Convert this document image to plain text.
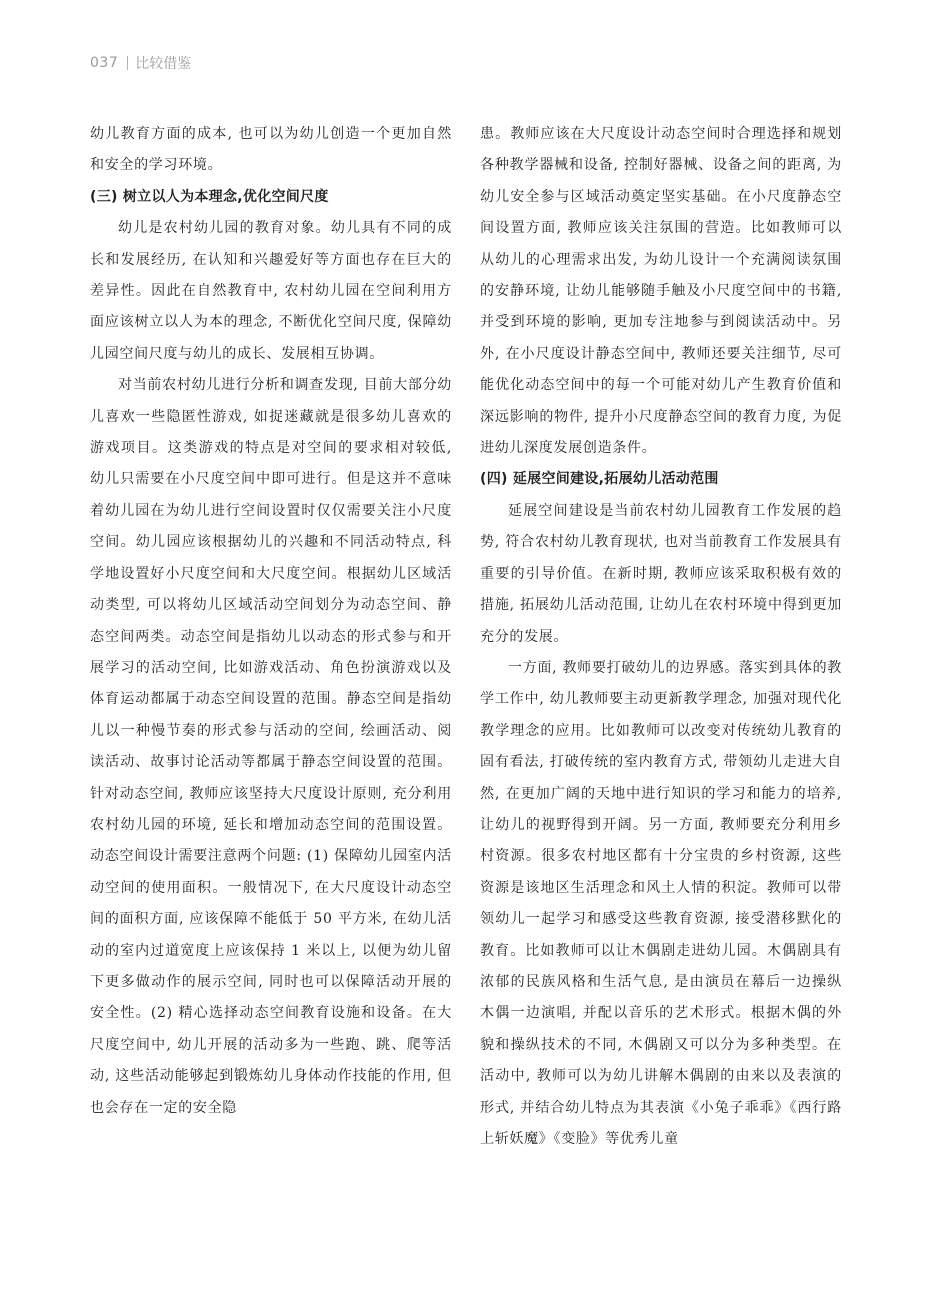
037 比较借鉴

幼儿教育方面的成本, 也可以为幼儿创造一个更加自然和安全的学习环境。

(三) 树立以人为本理念,优化空间尺度

幼儿是农村幼儿园的教育对象。幼儿具有不同的成长和发展经历, 在认知和兴趣爱好等方面也存在巨大的差异性。因此在自然教育中, 农村幼儿园在空间利用方面应该树立以人为本的理念, 不断优化空间尺度, 保障幼儿园空间尺度与幼儿的成长、发展相互协调。

对当前农村幼儿进行分析和调查发现, 目前大部分幼儿喜欢一些隐匿性游戏, 如捉迷藏就是很多幼儿喜欢的游戏项目。这类游戏的特点是对空间的要求相对较低, 幼儿只需要在小尺度空间中即可进行。但是这并不意味着幼儿园在为幼儿进行空间设置时仅仅需要关注小尺度空间。幼儿园应该根据幼儿的兴趣和不同活动特点, 科学地设置好小尺度空间和大尺度空间。根据幼儿区域活动类型, 可以将幼儿区域活动空间划分为动态空间、静态空间两类。动态空间是指幼儿以动态的形式参与和开展学习的活动空间, 比如游戏活动、角色扮演游戏以及体育运动都属于动态空间设置的范围。静态空间是指幼儿以一种慢节奏的形式参与活动的空间, 绘画活动、阅读活动、故事讨论活动等都属于静态空间设置的范围。针对动态空间, 教师应该坚持大尺度设计原则, 充分利用农村幼儿园的环境, 延长和增加动态空间的范围设置。动态空间设计需要注意两个问题: (1) 保障幼儿园室内活动空间的使用面积。一般情况下, 在大尺度设计动态空间的面积方面, 应该保障不能低于 50 平方米, 在幼儿活动的室内过道宽度上应该保持 1 米以上, 以便为幼儿留下更多做动作的展示空间, 同时也可以保障活动开展的安全性。(2) 精心选择动态空间教育设施和设备。在大尺度空间中, 幼儿开展的活动多为一些跑、跳、爬等活动, 这些活动能够起到锻炼幼儿身体动作技能的作用, 但也会存在一定的安全隐

患。教师应该在大尺度设计动态空间时合理选择和规划各种教学器械和设备, 控制好器械、设备之间的距离, 为幼儿安全参与区域活动奠定坚实基础。在小尺度静态空间设置方面, 教师应该关注氛围的营造。比如教师可以从幼儿的心理需求出发, 为幼儿设计一个充满阅读氛围的安静环境, 让幼儿能够随手触及小尺度空间中的书籍, 并受到环境的影响, 更加专注地参与到阅读活动中。另外, 在小尺度设计静态空间中, 教师还要关注细节, 尽可能优化动态空间中的每一个可能对幼儿产生教育价值和深远影响的物件, 提升小尺度静态空间的教育力度, 为促进幼儿深度发展创造条件。

(四) 延展空间建设,拓展幼儿活动范围

延展空间建设是当前农村幼儿园教育工作发展的趋势, 符合农村幼儿教育现状, 也对当前教育工作发展具有重要的引导价值。在新时期, 教师应该采取积极有效的措施, 拓展幼儿活动范围, 让幼儿在农村环境中得到更加充分的发展。

一方面, 教师要打破幼儿的边界感。落实到具体的教学工作中, 幼儿教师要主动更新教学理念, 加强对现代化教学理念的应用。比如教师可以改变对传统幼儿教育的固有看法, 打破传统的室内教育方式, 带领幼儿走进大自然, 在更加广阔的天地中进行知识的学习和能力的培养, 让幼儿的视野得到开阔。另一方面, 教师要充分利用乡村资源。很多农村地区都有十分宝贵的乡村资源, 这些资源是该地区生活理念和风土人情的积淀。教师可以带领幼儿一起学习和感受这些教育资源, 接受潜移默化的教育。比如教师可以让木偶剧走进幼儿园。木偶剧具有浓郁的民族风格和生活气息, 是由演员在幕后一边操纵木偶一边演唱, 并配以音乐的艺术形式。根据木偶的外貌和操纵技术的不同, 木偶剧又可以分为多种类型。在活动中, 教师可以为幼儿讲解木偶剧的由来以及表演的形式, 并结合幼儿特点为其表演《小兔子乖乖》《西行路上斩妖魔》《变脸》等优秀儿童
